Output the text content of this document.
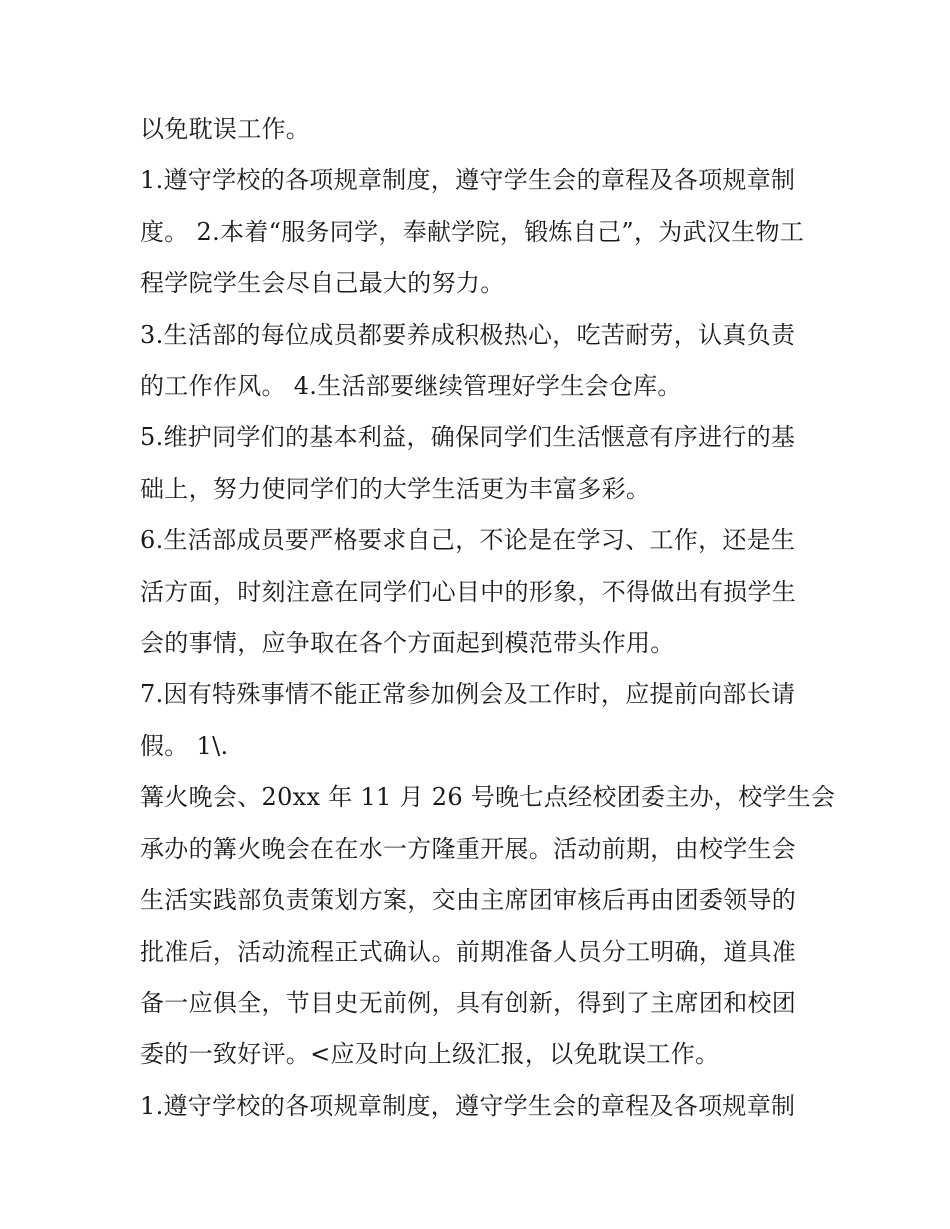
以免耽误工作。

1.遵守学校的各项规章制度，遵守学生会的章程及各项规章制

度。 2.本着“服务同学，奉献学院，锻炼自己”，为武汉生物工

程学院学生会尽自己最大的努力。

3.生活部的每位成员都要养成积极热心，吃苦耐劳，认真负责

的工作作风。 4.生活部要继续管理好学生会仓库。

5.维护同学们的基本利益，确保同学们生活惬意有序进行的基

础上，努力使同学们的大学生活更为丰富多彩。

6.生活部成员要严格要求自己，不论是在学习、工作，还是生

活方面，时刻注意在同学们心目中的形象，不得做出有损学生

会的事情，应争取在各个方面起到模范带头作用。

7.因有特殊事情不能正常参加例会及工作时，应提前向部长请

假。 1\.

篝火晚会、20xx 年 11 月 26 号晚七点经校团委主办，校学生会

承办的篝火晚会在在水一方隆重开展。活动前期，由校学生会

生活实践部负责策划方案，交由主席团审核后再由团委领导的

批准后，活动流程正式确认。前期准备人员分工明确，道具准

备一应俱全，节目史无前例，具有创新，得到了主席团和校团

委的一致好评。<应及时向上级汇报，以免耽误工作。

1.遵守学校的各项规章制度，遵守学生会的章程及各项规章制
